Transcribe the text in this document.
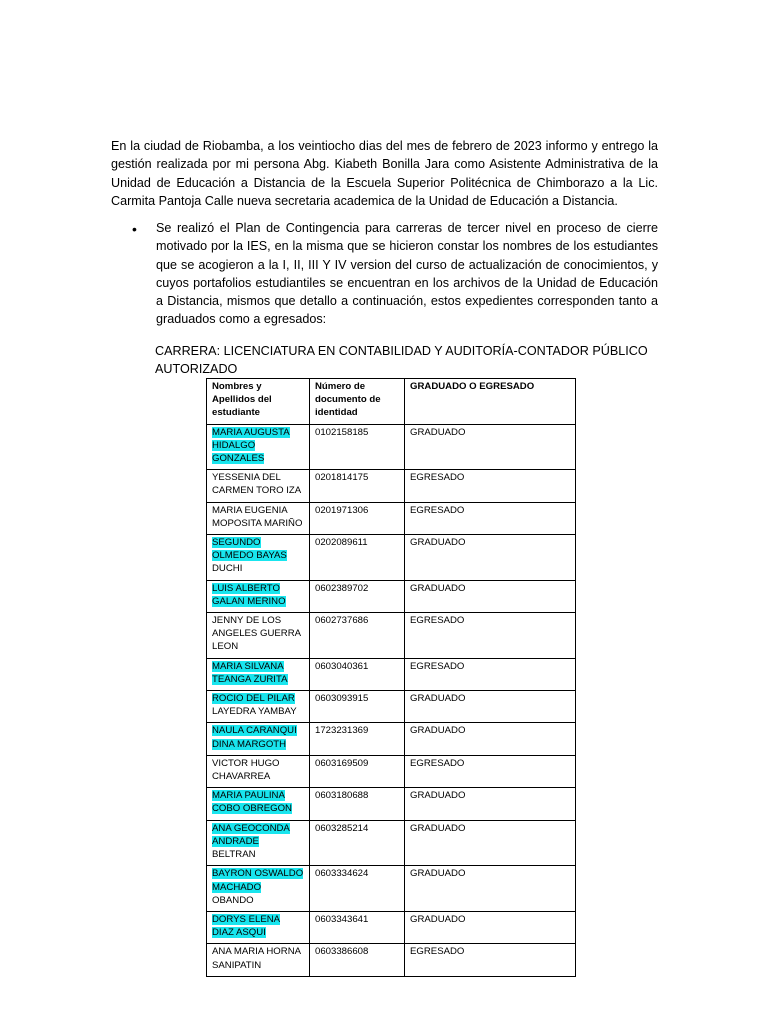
En la ciudad de Riobamba, a los veintiocho dias del mes de febrero de 2023 informo y entrego la gestión realizada por mi persona Abg. Kiabeth Bonilla Jara como Asistente Administrativa de la Unidad de Educación a Distancia de la Escuela Superior Politécnica de Chimborazo a la Lic. Carmita Pantoja Calle nueva secretaria academica de la Unidad de Educación a Distancia.

• Se realizó el Plan de Contingencia para carreras de tercer nivel en proceso de cierre motivado por la IES, en la misma que se hicieron constar los nombres de los estudiantes que se acogieron a la I, II, III Y IV version del curso de actualización de conocimientos, y cuyos portafolios estudiantiles se encuentran en los archivos de la Unidad de Educación a Distancia, mismos que detallo a continuación, estos expedientes corresponden tanto a graduados como a egresados:

CARRERA: LICENCIATURA EN CONTABILIDAD Y AUDITORÍA-CONTADOR PÚBLICO AUTORIZADO

Nombres y Apellidos del estudiante	Número de documento de identidad	GRADUADO O EGRESADO
MARIA AUGUSTA HIDALGO GONZALES	0102158185	GRADUADO
YESSENIA DEL CARMEN TORO IZA	0201814175	EGRESADO
MARIA EUGENIA MOPOSITA MARIÑO	0201971306	EGRESADO
SEGUNDO OLMEDO BAYAS DUCHI	0202089611	GRADUADO
LUIS ALBERTO GALAN MERINO	0602389702	GRADUADO
JENNY DE LOS ANGELES GUERRA LEON	0602737686	EGRESADO
MARIA SILVANA TEANGA ZURITA	0603040361	EGRESADO
ROCIO DEL PILAR LAYEDRA YAMBAY	0603093915	GRADUADO
NAULA CARANQUI DINA MARGOTH	1723231369	GRADUADO
VICTOR HUGO CHAVARREA	0603169509	EGRESADO
MARIA PAULINA COBO OBREGON	0603180688	GRADUADO
ANA GEOCONDA ANDRADE BELTRAN	0603285214	GRADUADO
BAYRON OSWALDO MACHADO OBANDO	0603334624	GRADUADO
DORYS ELENA DIAZ ASQUI	0603343641	GRADUADO
ANA MARIA HORNA SANIPATIN	0603386608	EGRESADO
